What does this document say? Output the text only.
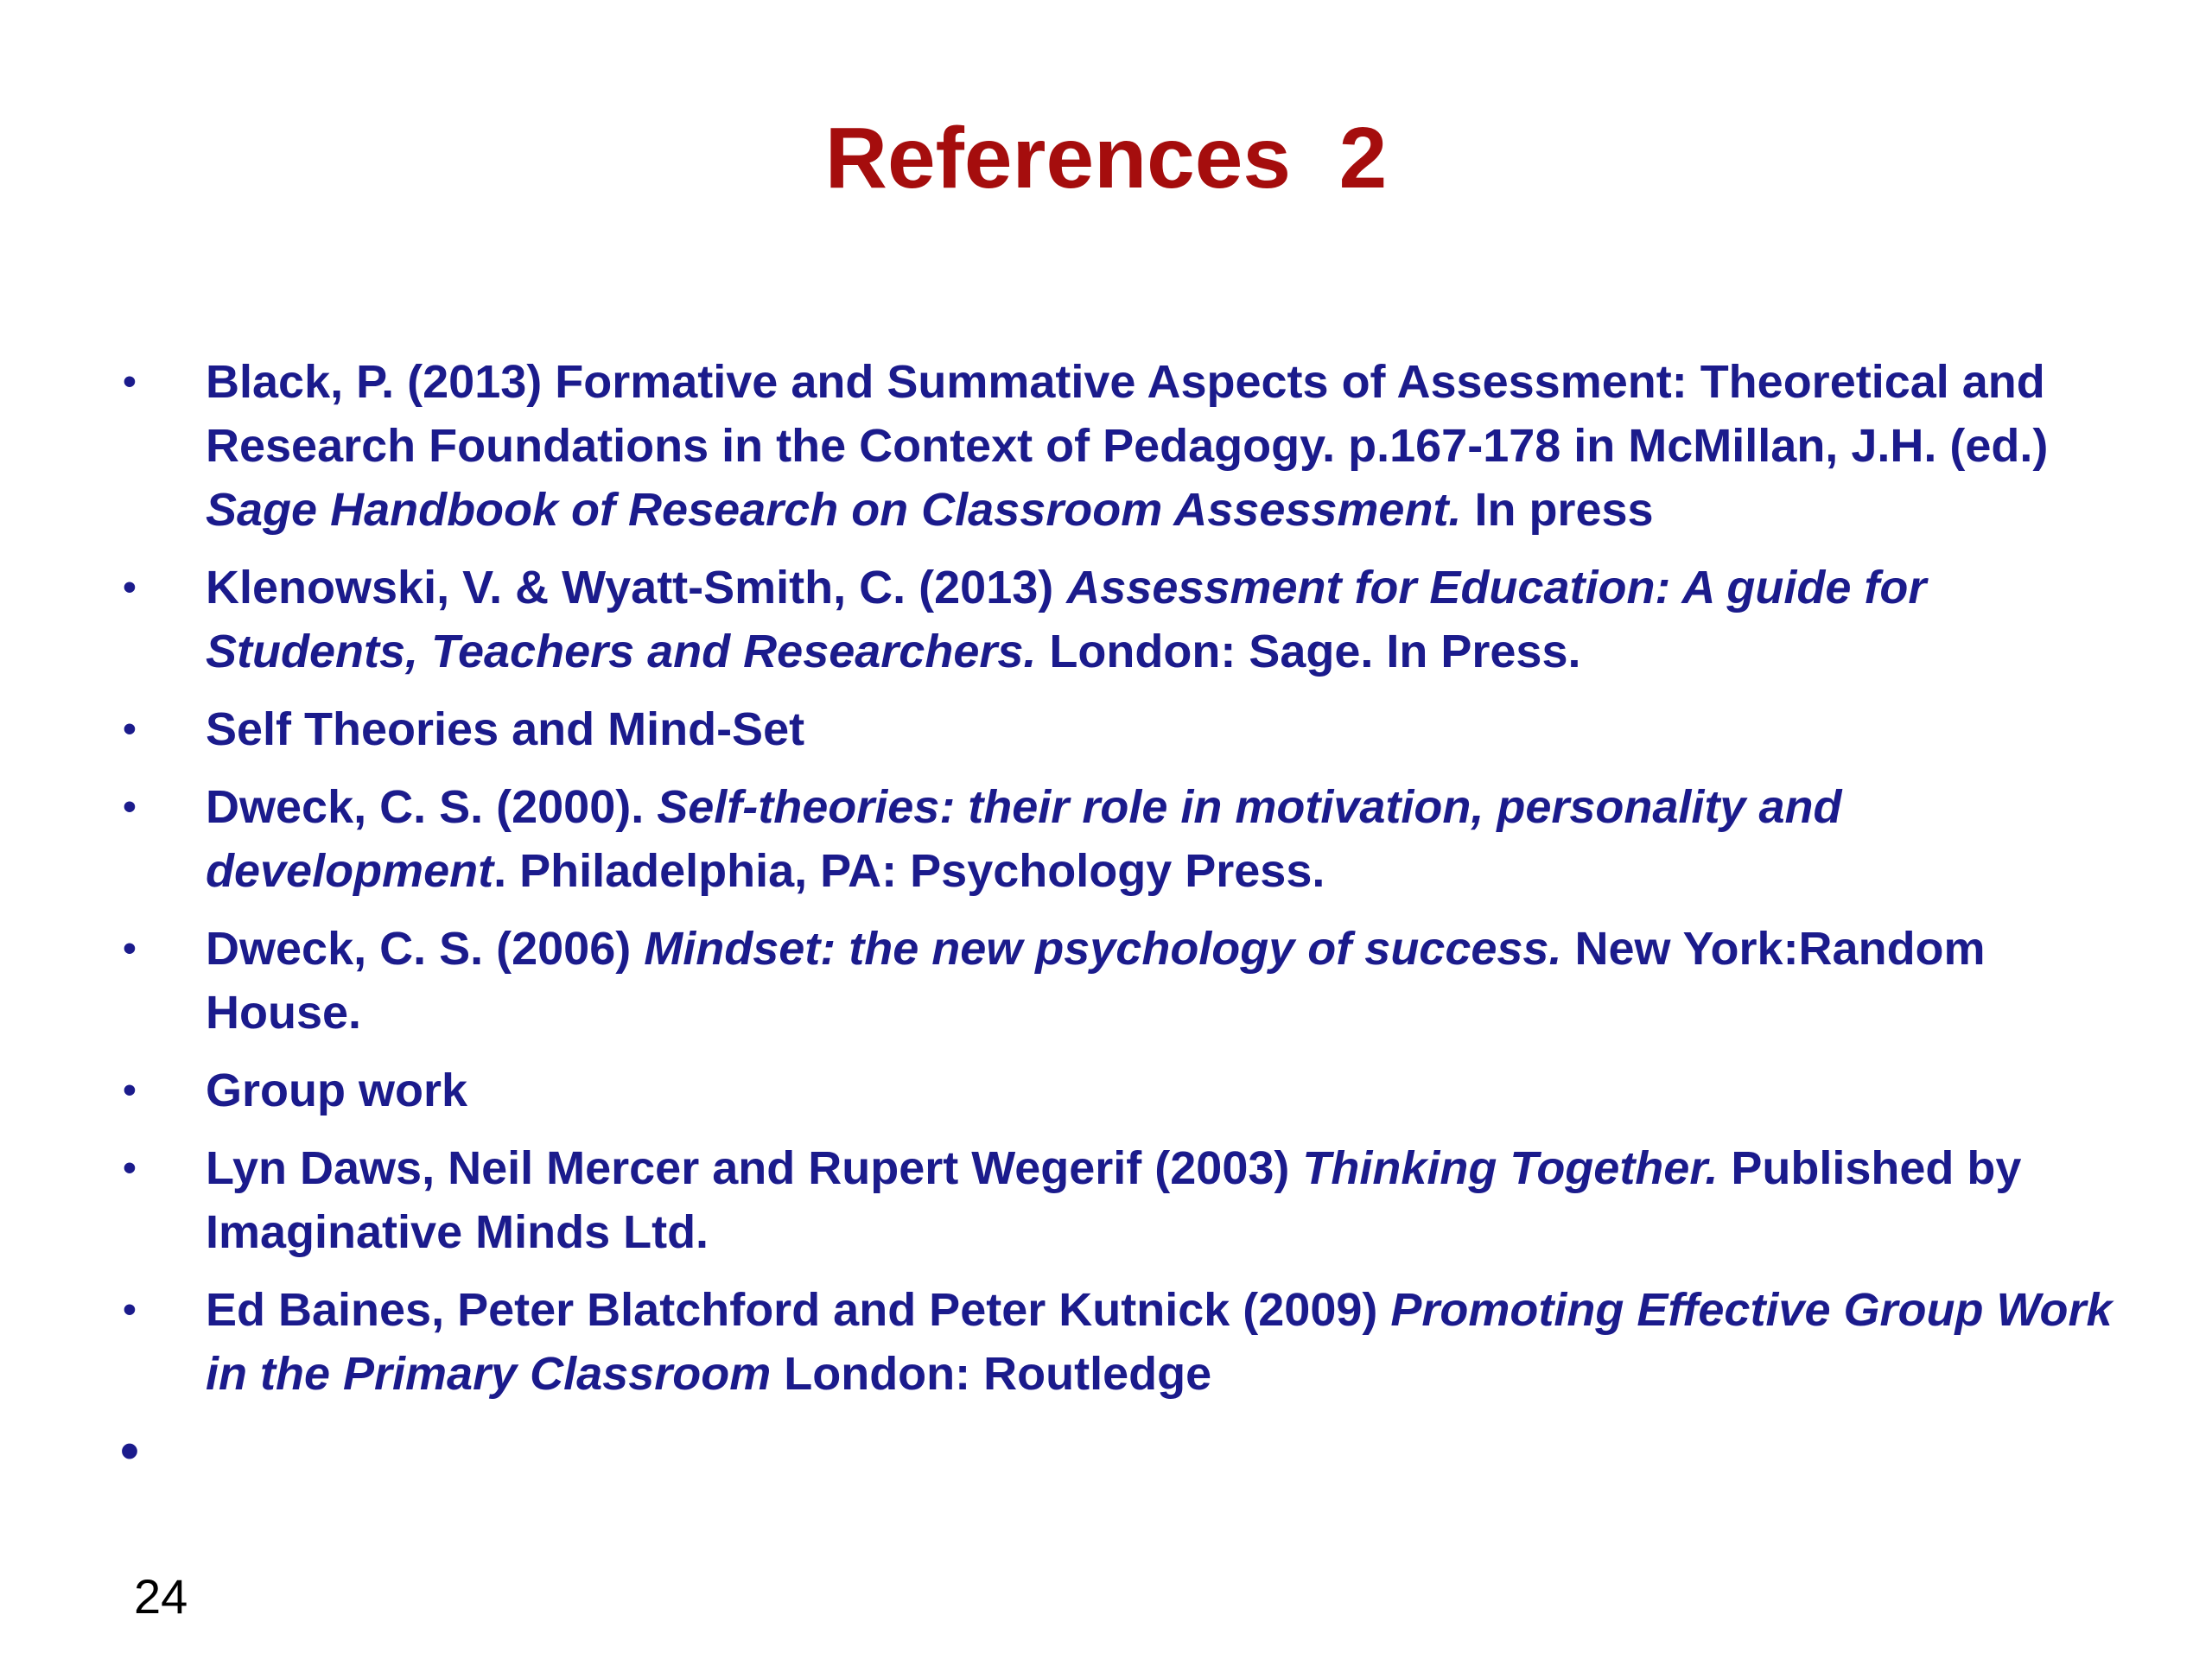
References  2
• Black, P. (2013) Formative and Summative Aspects of Assessment: Theoretical and Research Foundations in the Context of Pedagogy. p.167-178 in McMillan, J.H. (ed.) Sage Handbook of Research on Classroom Assessment. In press
• Klenowski, V. & Wyatt-Smith, C. (2013) Assessment for Education: A guide for Students, Teachers and Researchers. London: Sage. In Press.
• Self Theories and Mind-Set
• Dweck, C. S. (2000). Self-theories: their role in motivation, personality and development. Philadelphia, PA: Psychology Press.
• Dweck, C. S. (2006) Mindset: the new psychology of success. New York:Random House.
• Group work
• Lyn Daws, Neil Mercer and Rupert Wegerif (2003) Thinking Together. Published by Imaginative Minds Ltd.
• Ed Baines, Peter Blatchford and Peter Kutnick (2009) Promoting Effective Group Work in the Primary Classroom London: Routledge
•
24
